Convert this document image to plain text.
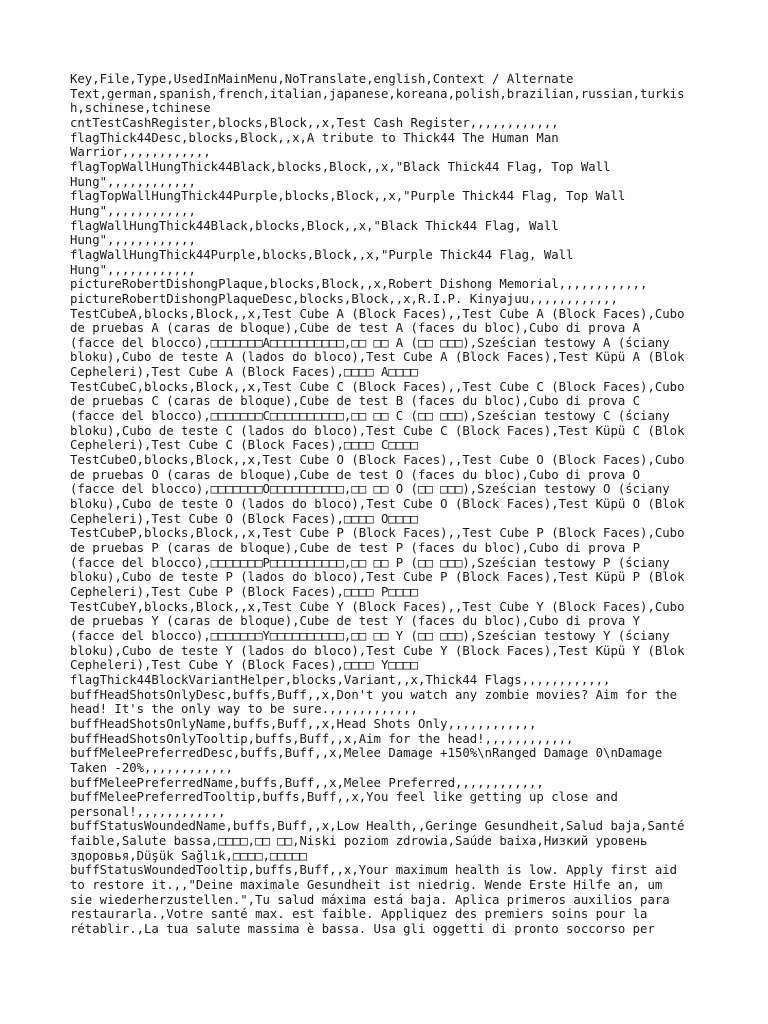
Key,File,Type,UsedInMainMenu,NoTranslate,english,Context / Alternate
Text,german,spanish,french,italian,japanese,koreana,polish,brazilian,russian,turkis
h,schinese,tchinese
cntTestCashRegister,blocks,Block,,x,Test Cash Register,,,,,,,,,,,,
flagThick44Desc,blocks,Block,,x,A tribute to Thick44 The Human Man
Warrior,,,,,,,,,,,,
flagTopWallHungThick44Black,blocks,Block,,x,"Black Thick44 Flag, Top Wall
Hung",,,,,,,,,,,,
flagTopWallHungThick44Purple,blocks,Block,,x,"Purple Thick44 Flag, Top Wall
Hung",,,,,,,,,,,,
flagWallHungThick44Black,blocks,Block,,x,"Black Thick44 Flag, Wall
Hung",,,,,,,,,,,,
flagWallHungThick44Purple,blocks,Block,,x,"Purple Thick44 Flag, Wall
Hung",,,,,,,,,,,,
pictureRobertDishongPlaque,blocks,Block,,x,Robert Dishong Memorial,,,,,,,,,,,,
pictureRobertDishongPlaqueDesc,blocks,Block,,x,R.I.P. Kinyajuu,,,,,,,,,,,,
TestCubeA,blocks,Block,,x,Test Cube A (Block Faces),,Test Cube A (Block Faces),Cubo
de pruebas A (caras de bloque),Cube de test A (faces du bloc),Cubo di prova A
(facce del blocco),□□□□□□□A□□□□□□□□□□,□□ □□ A (□□ □□□),Sześcian testowy A (ściany
bloku),Cubo de teste A (lados do bloco),Test Cube A (Block Faces),Test Küpü A (Blok
Cepheleri),Test Cube A (Block Faces),□□□□ A□□□□
TestCubeC,blocks,Block,,x,Test Cube C (Block Faces),,Test Cube C (Block Faces),Cubo
de pruebas C (caras de bloque),Cube de test B (faces du bloc),Cubo di prova C
(facce del blocco),□□□□□□□C□□□□□□□□□□,□□ □□ C (□□ □□□),Sześcian testowy C (ściany
bloku),Cubo de teste C (lados do bloco),Test Cube C (Block Faces),Test Küpü C (Blok
Cepheleri),Test Cube C (Block Faces),□□□□ C□□□□
TestCubeO,blocks,Block,,x,Test Cube O (Block Faces),,Test Cube O (Block Faces),Cubo
de pruebas O (caras de bloque),Cube de test O (faces du bloc),Cubo di prova O
(facce del blocco),□□□□□□□O□□□□□□□□□□,□□ □□ O (□□ □□□),Sześcian testowy O (ściany
bloku),Cubo de teste O (lados do bloco),Test Cube O (Block Faces),Test Küpü O (Blok
Cepheleri),Test Cube O (Block Faces),□□□□ O□□□□
TestCubeP,blocks,Block,,x,Test Cube P (Block Faces),,Test Cube P (Block Faces),Cubo
de pruebas P (caras de bloque),Cube de test P (faces du bloc),Cubo di prova P
(facce del blocco),□□□□□□□P□□□□□□□□□□,□□ □□ P (□□ □□□),Sześcian testowy P (ściany
bloku),Cubo de teste P (lados do bloco),Test Cube P (Block Faces),Test Küpü P (Blok
Cepheleri),Test Cube P (Block Faces),□□□□ P□□□□
TestCubeY,blocks,Block,,x,Test Cube Y (Block Faces),,Test Cube Y (Block Faces),Cubo
de pruebas Y (caras de bloque),Cube de test Y (faces du bloc),Cubo di prova Y
(facce del blocco),□□□□□□□Y□□□□□□□□□□,□□ □□ Y (□□ □□□),Sześcian testowy Y (ściany
bloku),Cubo de teste Y (lados do bloco),Test Cube Y (Block Faces),Test Küpü Y (Blok
Cepheleri),Test Cube Y (Block Faces),□□□□ Y□□□□
flagThick44BlockVariantHelper,blocks,Variant,,x,Thick44 Flags,,,,,,,,,,,,
buffHeadShotsOnlyDesc,buffs,Buff,,x,Don't you watch any zombie movies? Aim for the
head! It's the only way to be sure.,,,,,,,,,,,,
buffHeadShotsOnlyName,buffs,Buff,,x,Head Shots Only,,,,,,,,,,,,
buffHeadShotsOnlyTooltip,buffs,Buff,,x,Aim for the head!,,,,,,,,,,,,
buffMeleePreferredDesc,buffs,Buff,,x,Melee Damage +150%\nRanged Damage 0\nDamage
Taken -20%,,,,,,,,,,,,
buffMeleePreferredName,buffs,Buff,,x,Melee Preferred,,,,,,,,,,,,
buffMeleePreferredTooltip,buffs,Buff,,x,You feel like getting up close and
personal!,,,,,,,,,,,,
buffStatusWoundedName,buffs,Buff,,x,Low Health,,Geringe Gesundheit,Salud baja,Santé
faible,Salute bassa,□□□□,□□ □□,Niski poziom zdrowia,Saúde baixa,Низкий уровень
здоровья,Düşük Sağlık,□□□□,□□□□□
buffStatusWoundedTooltip,buffs,Buff,,x,Your maximum health is low. Apply first aid
to restore it.,,"Deine maximale Gesundheit ist niedrig. Wende Erste Hilfe an, um
sie wiederherzustellen.",Tu salud máxima está baja. Aplica primeros auxilios para
restaurarla.,Votre santé max. est faible. Appliquez des premiers soins pour la
rétablir.,La tua salute massima è bassa. Usa gli oggetti di pronto soccorso per
